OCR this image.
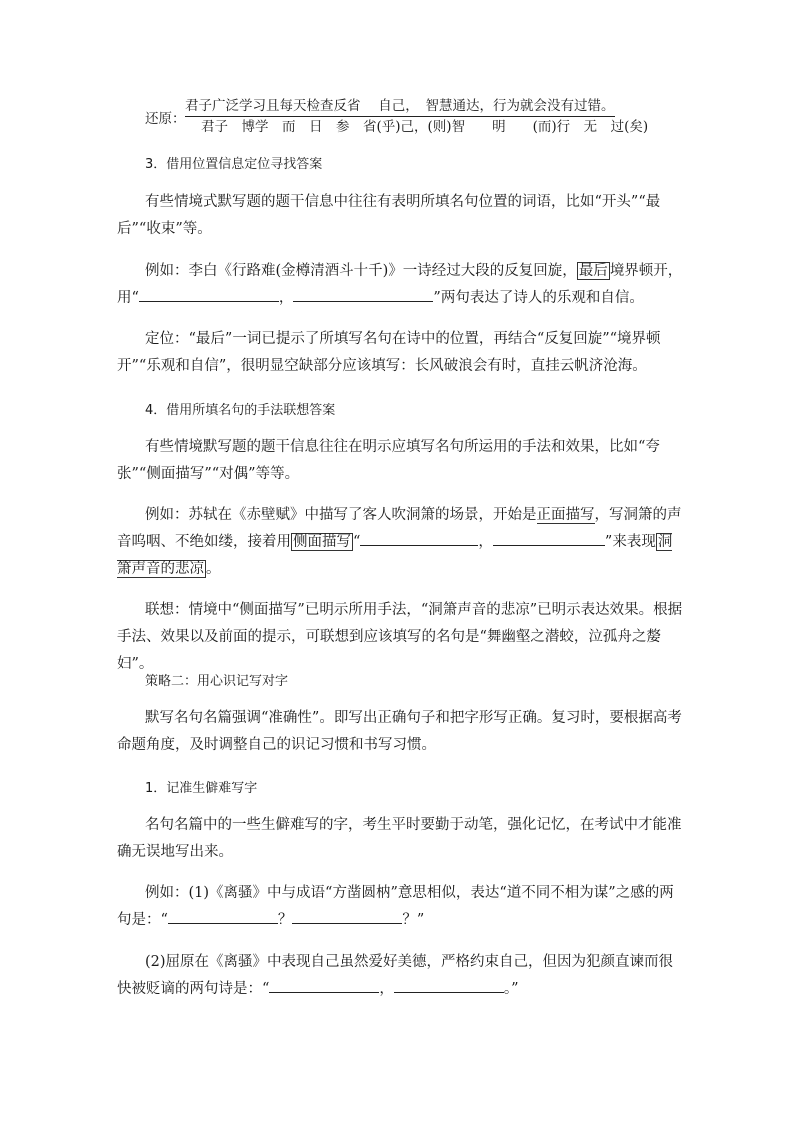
还原：
君子广泛学习且每天检查反省　 自己，　智慧通达，行为就会没有过错。
君子　博学　而　日　参　省(乎)己，(则)智　　明　　(而)行　无　过(矣)
3．借用位置信息定位寻找答案
有些情境式默写题的题干信息中往往有表明所填名句位置的词语，比如“开头”“最后”“收束”等。
例如：李白《行路难(金樽清酒斗十千)》一诗经过大段的反复回旋， 最后 境界顿开，用“	，	”两句表达了诗人的乐观和自信。
定位：“最后”一词已提示了所填写名句在诗中的位置，再结合“反复回旋”“境界顿开”“乐观和自信”，很明显空缺部分应该填写：长风破浪会有时，直挂云帆济沧海。
4．借用所填名句的手法联想答案
有些情境默写题的题干信息往往在明示应填写名句所运用的手法和效果，比如“夸张”“侧面描写”“对偶”等等。
例如：苏轼在《赤壁赋》中描写了客人吹洞箫的场景，开始是正面描写，写洞箫的声音呜咽、不绝如缕，接着用 侧面描写 “	，	”来表现 洞箫声音的悲凉 。
联想：情境中“侧面描写”已明示所用手法，“洞箫声音的悲凉”已明示表达效果。根据手法、效果以及前面的提示，可联想到应该填写的名句是“舞幽壑之潜蛟，泣孤舟之嫠妇”。
策略二：用心识记写对字
默写名句名篇强调“准确性”。即写出正确句子和把字形写正确。复习时，要根据高考命题角度，及时调整自己的识记习惯和书写习惯。
1．记准生僻难写字
名句名篇中的一些生僻难写的字，考生平时要勤于动笔，强化记忆，在考试中才能准确无误地写出来。
例如：(1)《离骚》中与成语“方凿圆枘”意思相似，表达“道不同不相为谋”之感的两句是：“	？	？”
(2)屈原在《离骚》中表现自己虽然爱好美德，严格约束自己，但因为犯颜直谏而很快被贬谪的两句诗是：“	，	。”
